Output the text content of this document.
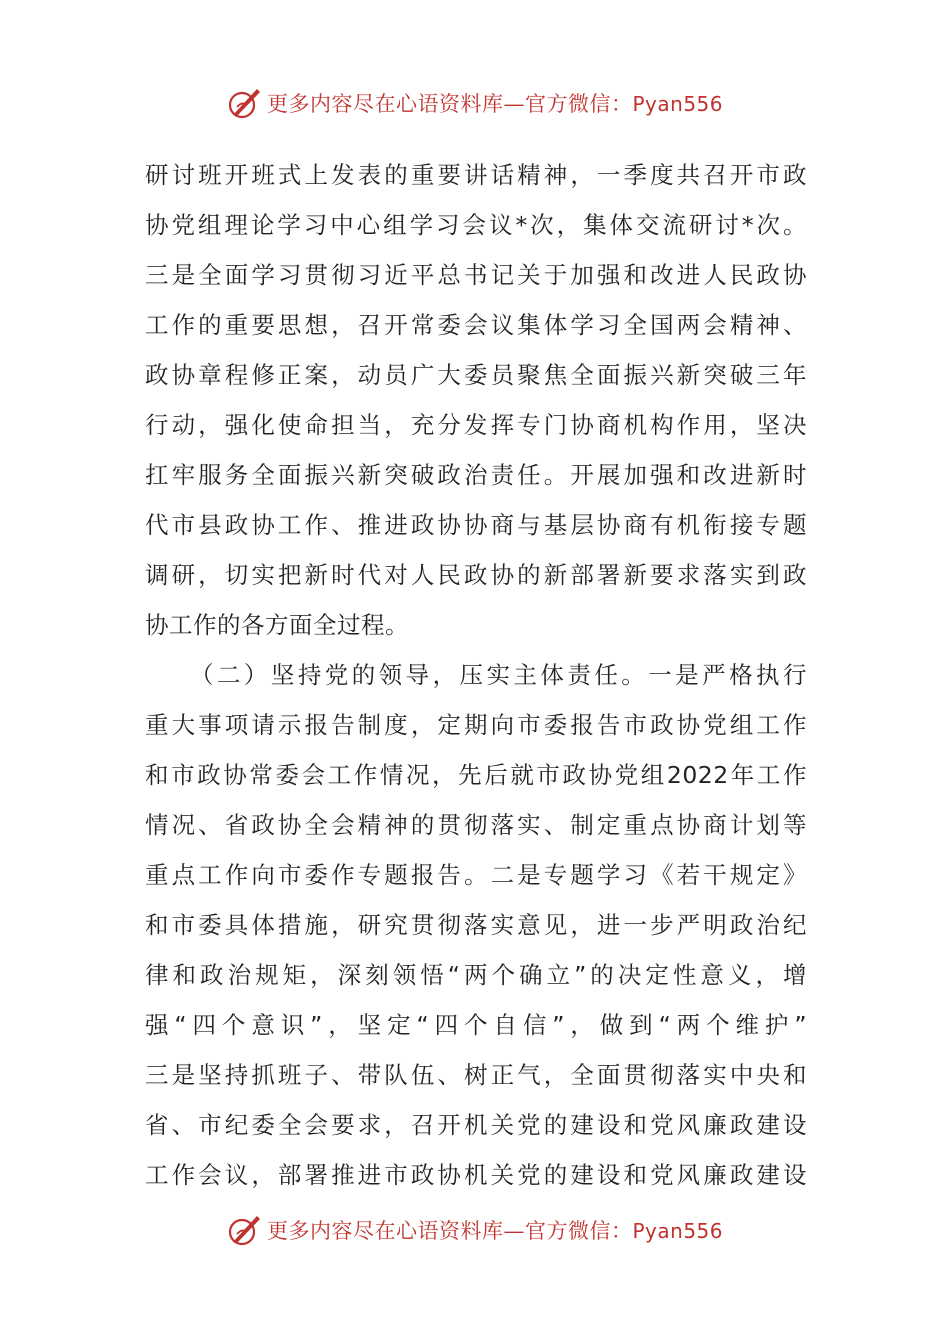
更多内容尽在心语资料库—官方微信：Pyan556
研讨班开班式上发表的重要讲话精神，一季度共召开市政
协党组理论学习中心组学习会议*次，集体交流研讨*次。
三是全面学习贯彻习近平总书记关于加强和改进人民政协
工作的重要思想，召开常委会议集体学习全国两会精神、
政协章程修正案，动员广大委员聚焦全面振兴新突破三年
行动，强化使命担当，充分发挥专门协商机构作用，坚决
扛牢服务全面振兴新突破政治责任。开展加强和改进新时
代市县政协工作、推进政协协商与基层协商有机衔接专题
调研，切实把新时代对人民政协的新部署新要求落实到政
协工作的各方面全过程。
（二）坚持党的领导，压实主体责任。一是严格执行
重大事项请示报告制度，定期向市委报告市政协党组工作
和市政协常委会工作情况，先后就市政协党组2022年工作
情况、省政协全会精神的贯彻落实、制定重点协商计划等
重点工作向市委作专题报告。二是专题学习《若干规定》
和市委具体措施，研究贯彻落实意见，进一步严明政治纪
律和政治规矩，深刻领悟“两个确立”的决定性意义，增
强“四个意识”，坚定“四个自信”，做到“两个维护”
三是坚持抓班子、带队伍、树正气，全面贯彻落实中央和
省、市纪委全会要求，召开机关党的建设和党风廉政建设
工作会议，部署推进市政协机关党的建设和党风廉政建设
更多内容尽在心语资料库—官方微信：Pyan556
